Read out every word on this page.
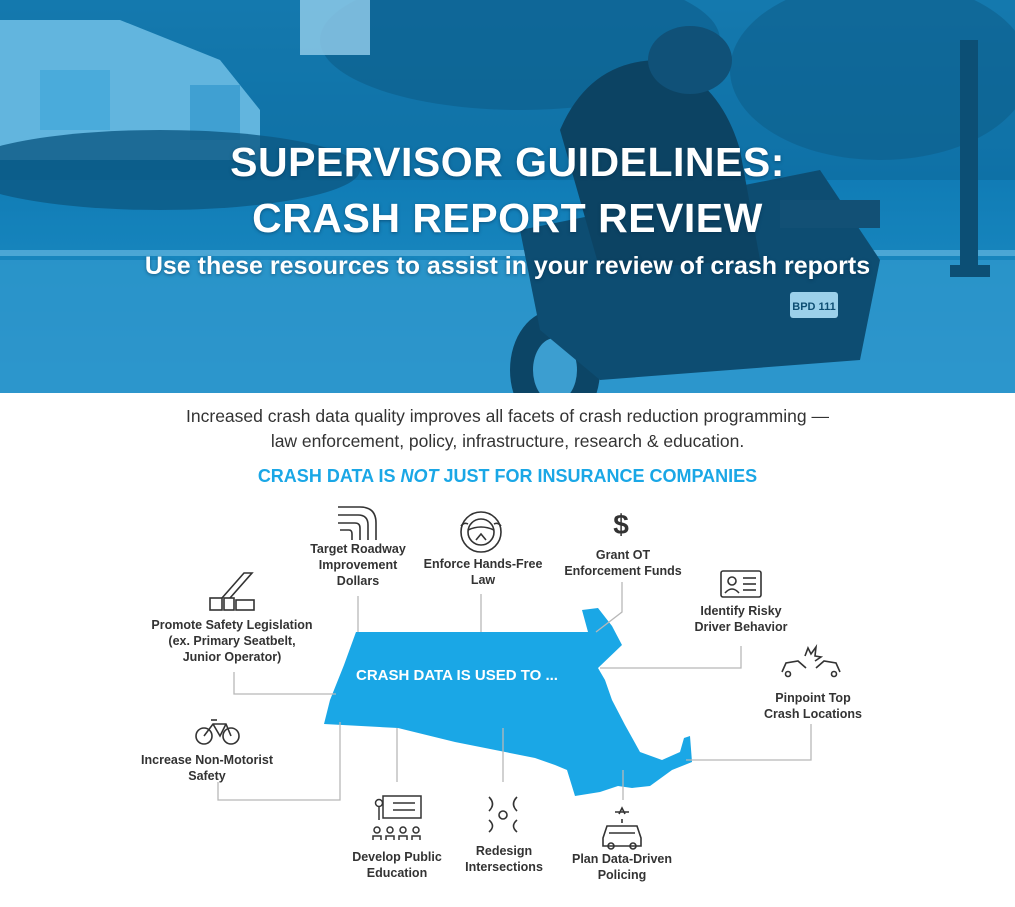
BPD 111
SUPERVISOR GUIDELINES:
CRASH REPORT REVIEW

Use these resources to assist in your review of crash reports

Increased crash data quality improves all facets of crash reduction programming —
law enforcement, policy, infrastructure, research & education.
CRASH DATA IS NOT JUST FOR INSURANCE COMPANIES
$
CRASH DATA IS USED TO ...
Target Roadway
Improvement
Dollars
Enforce Hands-Free
Law
Grant OT
Enforcement Funds
Identify Risky
Driver Behavior
Pinpoint Top
Crash Locations
Plan Data-Driven
Policing
Redesign
Intersections
Develop Public
Education
Increase Non-Motorist
Safety
Promote Safety Legislation
(ex. Primary Seatbelt,
Junior Operator)
